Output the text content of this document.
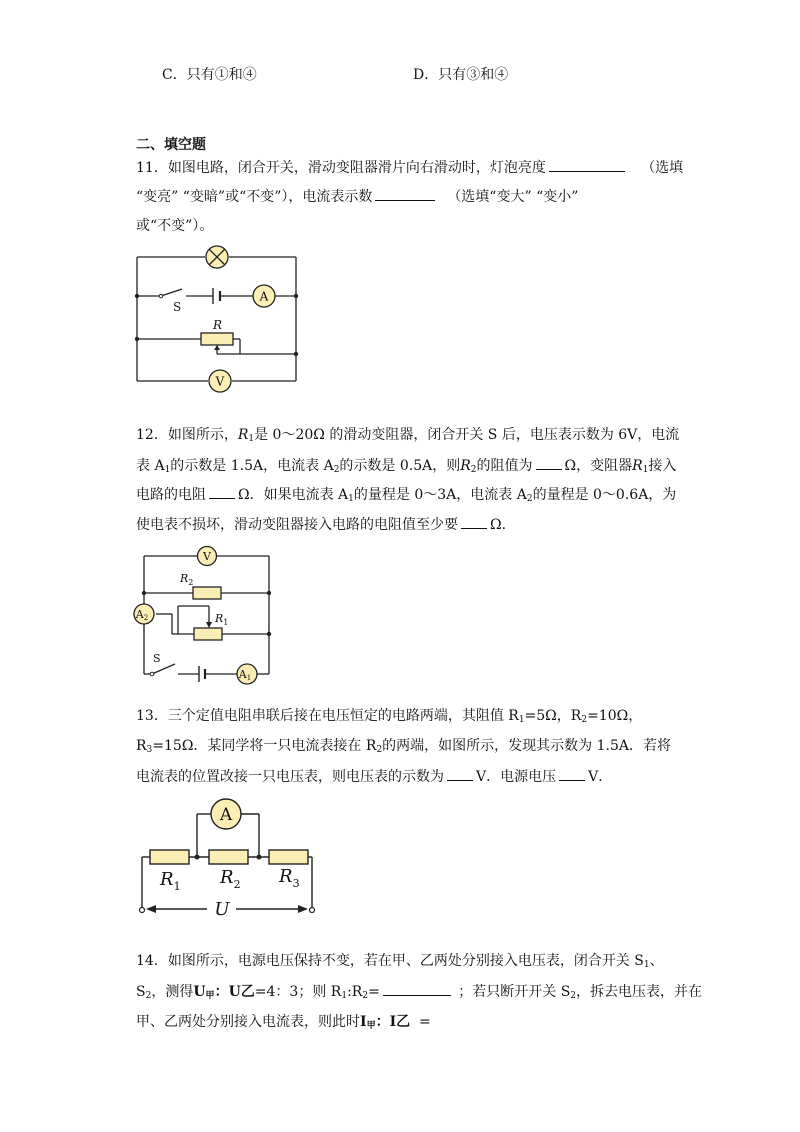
C．只有①和④	D．只有③和④
二、填空题
11．如图电路，闭合开关，滑动变阻器滑片向右滑动时，灯泡亮度	（选填
“变亮” “变暗”或“不变”），电流表示数	（选填“变大” “变小”
或“不变”）。
A
V
S
R
12．如图所示，$R_1$是 0～20Ω 的滑动变阻器，闭合开关 S 后，电压表示数为 6V，电流
表 $A_1$的示数是 1.5A，电流表 $A_2$的示数是 0.5A，则$R_2$的阻值为 Ω，变阻器$R_1$接入
电路的电阻 Ω．如果电流表 $A_1$的量程是 0～3A，电流表 $A_2$的量程是 0～0.6A，为
使电表不损坏，滑动变阻器接入电路的电阻值至少要 Ω.
V
$R_2$
A2	$R_1$
S
A1
13．三个定值电阻串联后接在电压恒定的电路两端，其阻值 $R_1=5\Omega$，$R_2=10\Omega$，
$R_3=15\Omega$．某同学将一只电流表接在 $R_2$的两端，如图所示，发现其示数为 1.5A．若将
电流表的位置改接一只电压表，则电压表的示数为 V．电源电压 V．
A
$R_1$ $R_2$ $R_3$
U
14．如图所示，电源电压保持不变，若在甲、乙两处分别接入电压表，闭合开关 $S_1$、
$S_2$，测得$U_甲$：U乙=4：3；则 $R_1:R_2=$	；若只断开开关 $S_2$，拆去电压表，并在
甲、乙两处分别接入电流表，则此时$I_甲$：I乙 =
